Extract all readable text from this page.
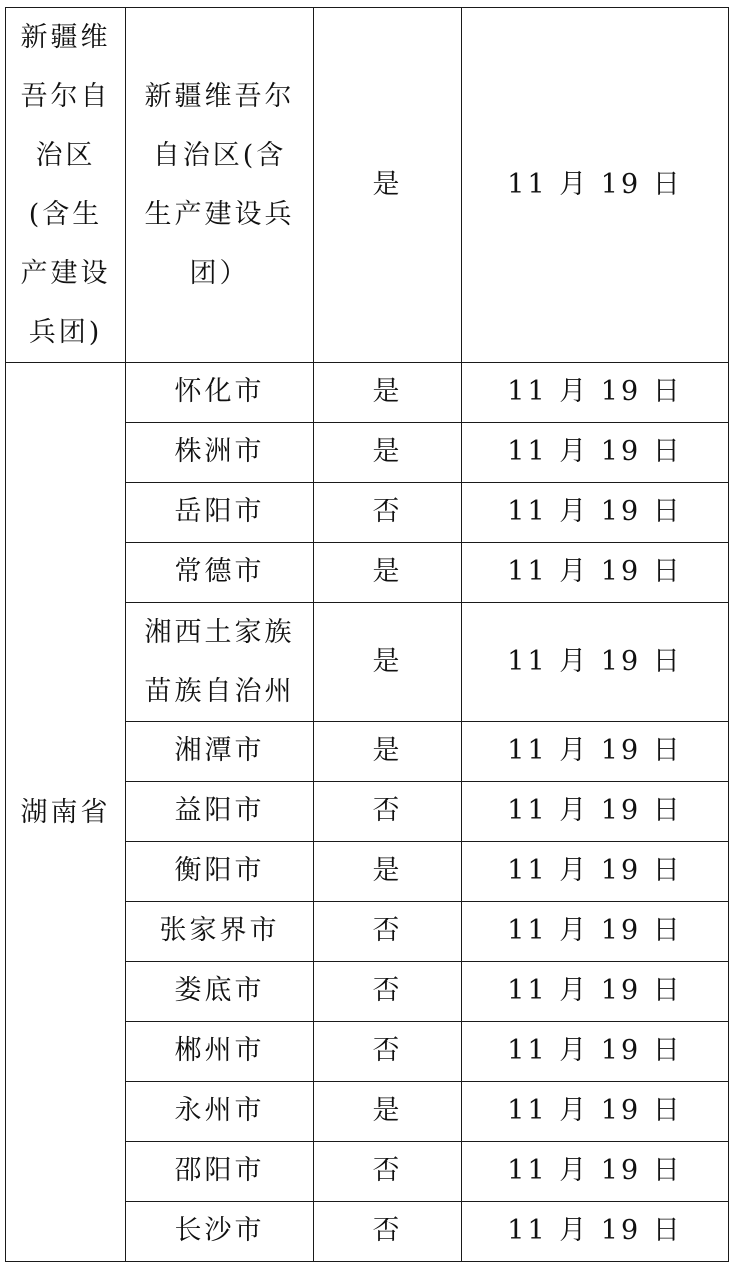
新疆维吾尔自治区(含生产建设兵团)	新疆维吾尔自治区(含生产建设兵团）	是	11 月 19 日
湖南省	怀化市	是	11 月 19 日
	株洲市	是	11 月 19 日
	岳阳市	否	11 月 19 日
	常德市	是	11 月 19 日
	湘西土家族苗族自治州	是	11 月 19 日
	湘潭市	是	11 月 19 日
	益阳市	否	11 月 19 日
	衡阳市	是	11 月 19 日
	张家界市	否	11 月 19 日
	娄底市	否	11 月 19 日
	郴州市	否	11 月 19 日
	永州市	是	11 月 19 日
	邵阳市	否	11 月 19 日
	长沙市	否	11 月 19 日
